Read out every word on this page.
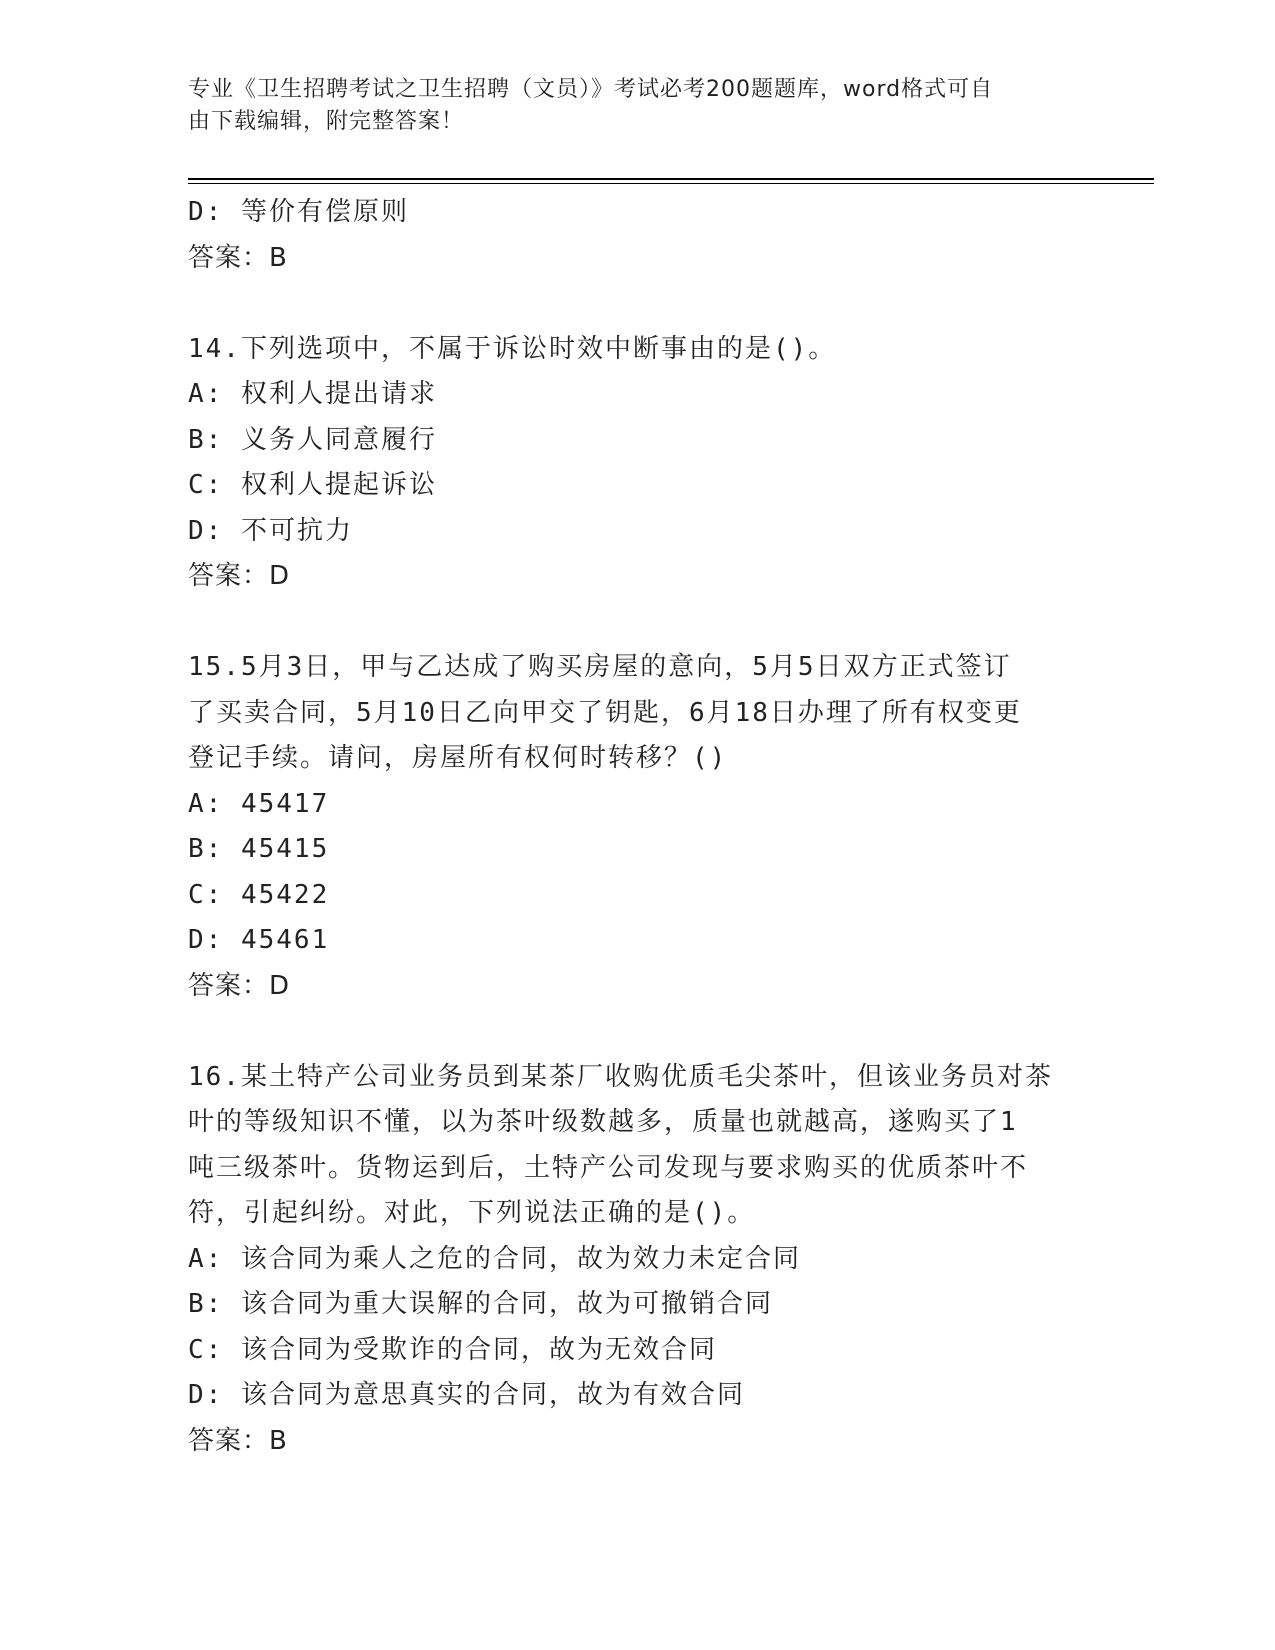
专业《卫生招聘考试之卫生招聘（文员）》考试必考200题题库，word格式可自
由下载编辑，附完整答案！
D: 等价有偿原则
答案：B
14.下列选项中，不属于诉讼时效中断事由的是()。
A: 权利人提出请求
B: 义务人同意履行
C: 权利人提起诉讼
D: 不可抗力
答案：D
15.5月3日，甲与乙达成了购买房屋的意向，5月5日双方正式签订
了买卖合同，5月10日乙向甲交了钥匙，6月18日办理了所有权变更
登记手续。请问，房屋所有权何时转移？()
A: 45417
B: 45415
C: 45422
D: 45461
答案：D
16.某土特产公司业务员到某茶厂收购优质毛尖茶叶，但该业务员对茶
叶的等级知识不懂，以为茶叶级数越多，质量也就越高，遂购买了1
吨三级茶叶。货物运到后，土特产公司发现与要求购买的优质茶叶不
符，引起纠纷。对此，下列说法正确的是()。
A: 该合同为乘人之危的合同，故为效力未定合同
B: 该合同为重大误解的合同，故为可撤销合同
C: 该合同为受欺诈的合同，故为无效合同
D: 该合同为意思真实的合同，故为有效合同
答案：B
